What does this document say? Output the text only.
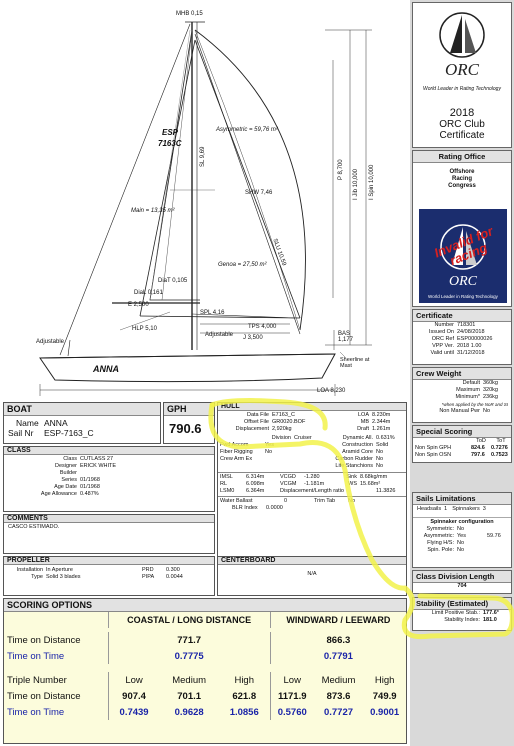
MHB 0,15
ESP
7163C
Asymmetric = 59,76 m²
SL 9,69
SHW 7,46
Main = 13,35 m²
SLU 10,59
Genoa = 27,50 m²
P 8,700 I Jib 10,000 I Spin 10,000
DiaT 0,105
DiaL 0,161
E 2,500
SPL 4,16
TPS 4,000
HLP 5,10
J 3,500
BAS 1,177
Adjustable
Adjustable
Sheerline at Mast
ANNA
LOA 8,230
BOAT
Name ANNA
Sail Nr	ESP-7163_C
GPH
790.6
HULL
Data File E7163_C	LOA 8.230m
Offset File GR0020.BOF	MB 2.344m
Displacement 2,920kg	Draft 1.261m
Division Cruiser	Dynamic All. 0.631%
Fwd Accom	Yes	Construction Solid
Fiber Rigging	No	Aramid Core No
Crew Arm Ex	Carbon Rudder No
Life Stanchions No
IMSL	6.314m	VCGD	-1.280	Sink 8.68kg/mm
RL	6.098m	VCGM	-1.181m	WS 15.68m²
LSM0	6.364m	Displacement/Length ratio	11.3826
Water Ballast	0	Trim Tab	No
BLR Index	0.0000
CLASS
Class CUTLASS 27
Designer ERICK WHITE
Builder
Series 01/1968
Age Date 01/1968
Age Allowance 0.487%
COMMENTS
CASCO ESTIMADO.
PROPELLER
Installation In Aperture	PRD	0.300
Type Solid 3 blades	PIPA	0.0044
CENTERBOARD
N/A
SCORING OPTIONS
	COASTAL / LONG DISTANCE			WINDWARD / LEEWARD		

Time on Distance	771.7			866.3		
Time on Time	0.7775			0.7791		

Triple Number	Low	Medium	High	Low	Medium	High
Time on Distance	907.4	701.1	621.8	1171.9	873.6	749.9
Time on Time	0.7439	0.9628	1.0856	0.5760	0.7727	0.9001
ORC
World Leader in Rating Technology
2018
ORC Club
Certificate
Rating Office
Offshore
Racing
Congress
ORC
World Leader in Rating Technology
Invalid for racing
Certificate
Number 718301
Issued On 24/08/2018
ORC Ref ESP00000026
VPP Ver. 2018 1.00
Valid until 31/12/2018
Crew Weight
Default 360kg
Maximum 320kg
Minimum* 236kg
*when applied by the NoR and SI
Non Manual Pwr No
Special Scoring
ToD	ToT
Non Spin GPH	824.6	0.7276
Non Spin OSN	797.6	0.7523
Sails Limitations
Headsails 1 Spinnakers 3
Spinnaker configuration
Symmetric: No
Asymmetric: Yes	59.76
Flying H/S: No
Spin. Pole: No
Class Division Length
704
Stability (Estimated)
Limit Positive Stab.: 177.6°
Stability Index: 181.0
